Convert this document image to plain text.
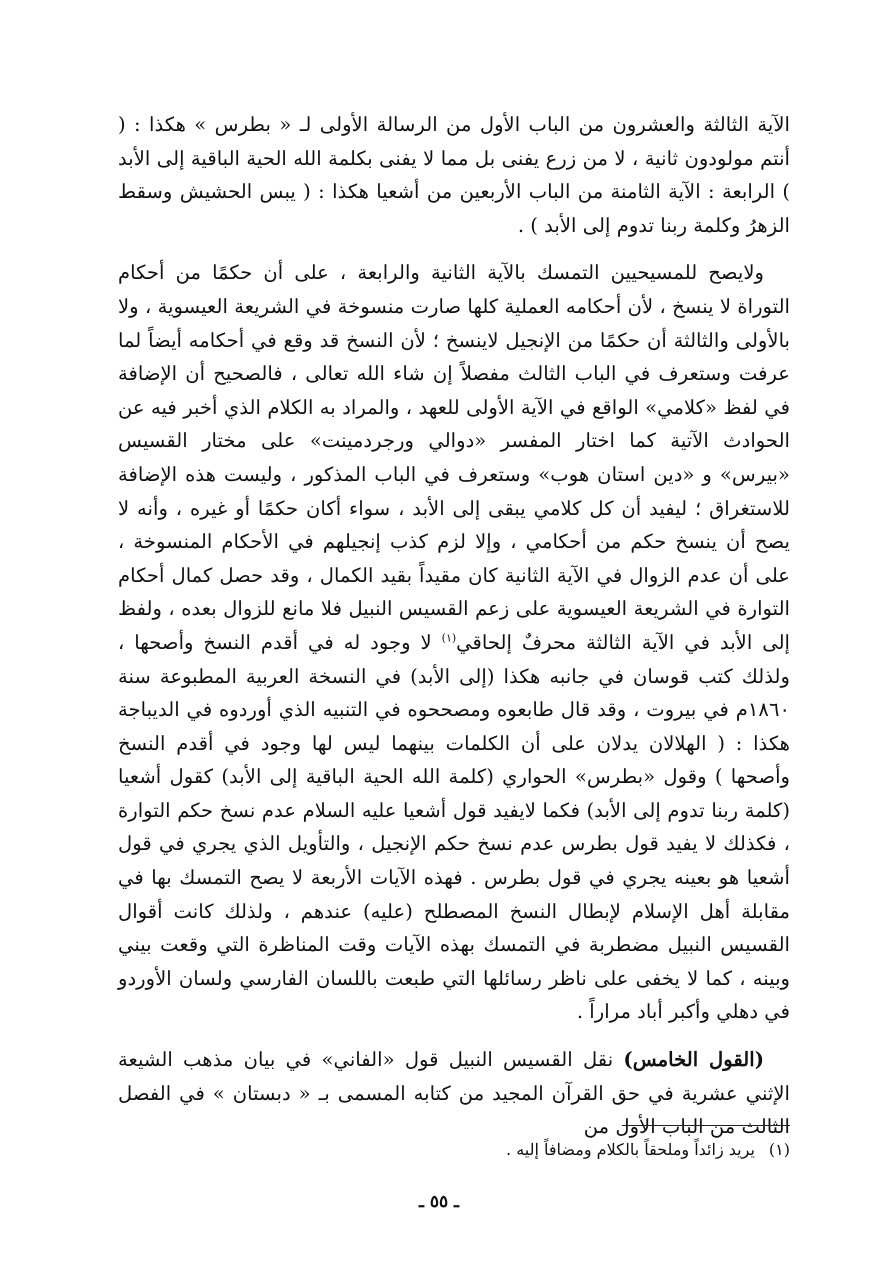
الآية الثالثة والعشرون من الباب الأول من الرسالة الأولى لـ « بطرس » هكذا : ( أنتم مولودون ثانية ، لا من زرع يفنى بل مما لا يفنى بكلمة الله الحية الباقية إلى الأبد ) الرابعة : الآية الثامنة من الباب الأربعين من أشعيا هكذا : ( يبس الحشيش وسقط الزهرُ وكلمة ربنا تدوم إلى الأبد ) .

ولايصح للمسيحيين التمسك بالآية الثانية والرابعة ، على أن حكمًا من أحكام التوراة لا ينسخ ، لأن أحكامه العملية كلها صارت منسوخة في الشريعة العيسوية ، ولا بالأولى والثالثة أن حكمًا من الإنجيل لاينسخ ؛ لأن النسخ قد وقع في أحكامه أيضاً لما عرفت وستعرف في الباب الثالث مفصلاً إن شاء الله تعالى ، فالصحيح أن الإضافة في لفظ «كلامي» الواقع في الآية الأولى للعهد ، والمراد به الكلام الذي أخبر فيه عن الحوادث الآتية كما اختار المفسر «دوالي ورجردمينت» على مختار القسيس «بيرس» و «دين استان هوب» وستعرف في الباب المذكور ، وليست هذه الإضافة للاستغراق ؛ ليفيد أن كل كلامي يبقى إلى الأبد ، سواء أكان حكمًا أو غيره ، وأنه لا يصح أن ينسخ حكم من أحكامي ، وإلا لزم كذب إنجيلهم في الأحكام المنسوخة ، على أن عدم الزوال في الآية الثانية كان مقيداً بقيد الكمال ، وقد حصل كمال أحكام التوارة في الشريعة العيسوية على زعم القسيس النبيل فلا مانع للزوال بعده ، ولفظ إلى الأبد في الآية الثالثة محرفٌ إلحاقي$^{(١)}$ لا وجود له في أقدم النسخ وأصحها ، ولذلك كتب قوسان في جانبه هكذا (إلى الأبد) في النسخة العربية المطبوعة سنة ١٨٦٠م في بيروت ، وقد قال طابعوه ومصححوه في التنبيه الذي أوردوه في الديباجة هكذا : ( الهلالان يدلان على أن الكلمات بينهما ليس لها وجود في أقدم النسخ وأصحها ) وقول «بطرس» الحواري (كلمة الله الحية الباقية إلى الأبد) كقول أشعيا (كلمة ربنا تدوم إلى الأبد) فكما لايفيد قول أشعيا عليه السلام عدم نسخ حكم التوارة ، فكذلك لا يفيد قول بطرس عدم نسخ حكم الإنجيل ، والتأويل الذي يجري في قول أشعيا هو بعينه يجري في قول بطرس . فهذه الآيات الأربعة لا يصح التمسك بها في مقابلة أهل الإسلام لإبطال النسخ المصطلح (عليه) عندهم ، ولذلك كانت أقوال القسيس النبيل مضطربة في التمسك بهذه الآيات وقت المناظرة التي وقعت بيني وبينه ، كما لا يخفى على ناظر رسائلها التي طبعت باللسان الفارسي ولسان الأوردو في دهلي وأكبر أباد مراراً .

(القول الخامس) نقل القسيس النبيل قول «الفاني» في بيان مذهب الشيعة الإثني عشرية في حق القرآن المجيد من كتابه المسمى بـ « دبستان » في الفصل الثالث من الباب الأول من

(١)يريد زائداً وملحقاً بالكلام ومضافاً إليه .

ـ ٥٥ ـ
